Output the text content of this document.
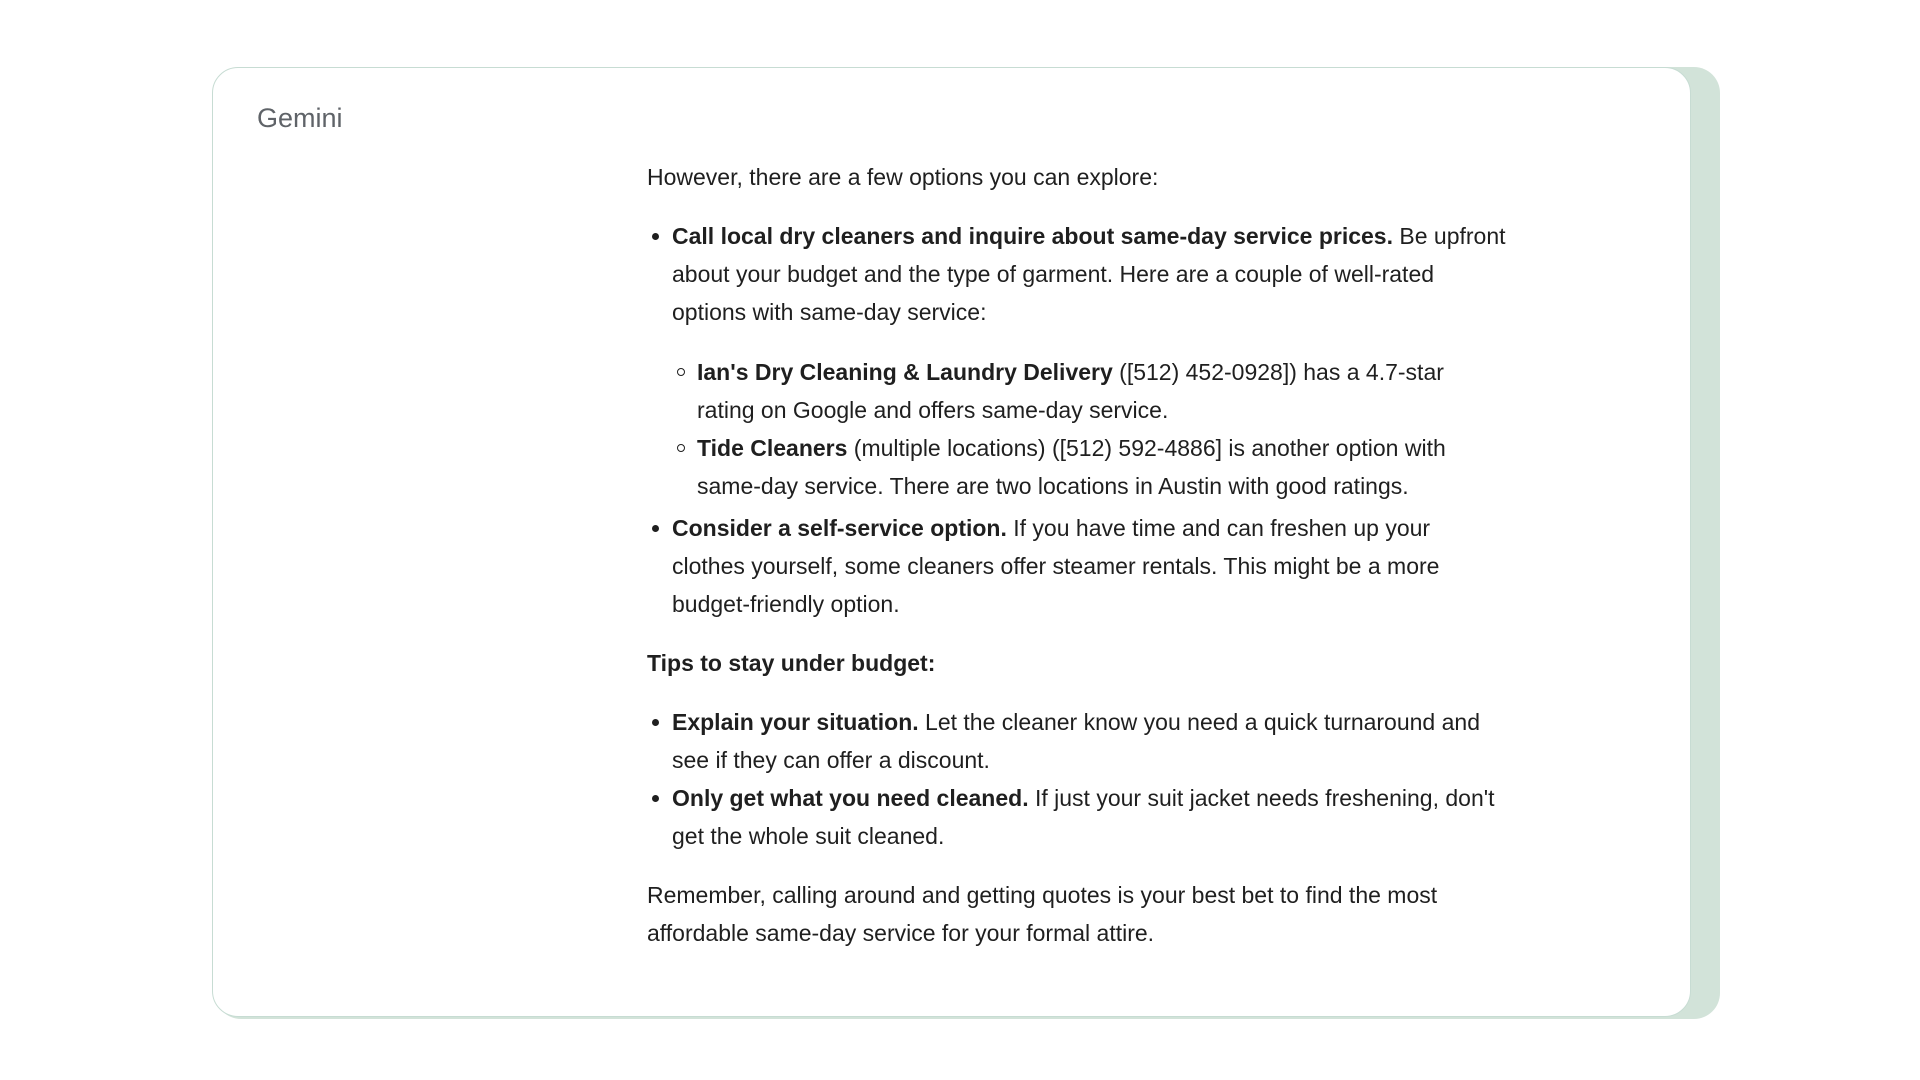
Gemini

However, there are a few options you can explore:

Call local dry cleaners and inquire about same-day service prices. Be upfront about your budget and the type of garment. Here are a couple of well-rated options with same-day service:
Ian's Dry Cleaning & Laundry Delivery ([512) 452-0928]) has a 4.7-star rating on Google and offers same-day service.
Tide Cleaners (multiple locations) ([512) 592-4886] is another option with same-day service. There are two locations in Austin with good ratings.
Consider a self-service option. If you have time and can freshen up your clothes yourself, some cleaners offer steamer rentals. This might be a more budget-friendly option.

Tips to stay under budget:

Explain your situation. Let the cleaner know you need a quick turnaround and see if they can offer a discount.
Only get what you need cleaned. If just your suit jacket needs freshening, don't get the whole suit cleaned.

Remember, calling around and getting quotes is your best bet to find the most affordable same-day service for your formal attire.
